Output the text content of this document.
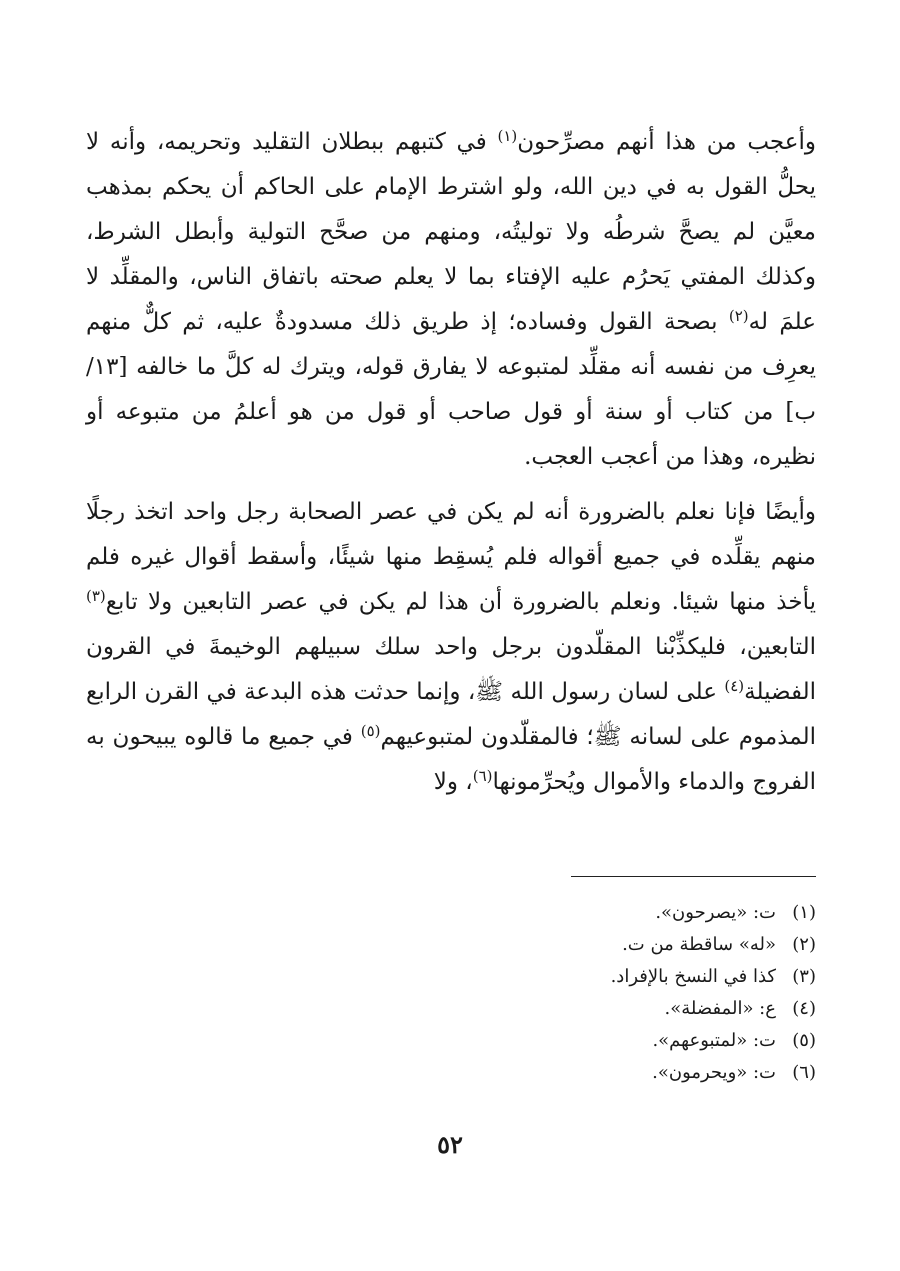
وأعجب من هذا أنهم مصرِّحون$^{(١)}$ في كتبهم ببطلان التقليد وتحريمه، وأنه لا يحلُّ القول به في دين الله، ولو اشترط الإمام على الحاكم أن يحكم بمذهب معيَّن لم يصحَّ شرطُه ولا توليتُه، ومنهم من صحَّح التولية وأبطل الشرط، وكذلك المفتي يَحرُم عليه الإفتاء بما لا يعلم صحته باتفاق الناس، والمقلِّد لا علمَ له$^{(٢)}$ بصحة القول وفساده؛ إذ طريق ذلك مسدودةٌ عليه، ثم كلٌّ منهم يعرِف من نفسه أنه مقلِّد لمتبوعه لا يفارق قوله، ويترك له كلَّ ما خالفه [١٣/ب] من كتاب أو سنة أو قول صاحب أو قول من هو أعلمُ من متبوعه أو نظيره، وهذا من أعجب العجب.

وأيضًا فإنا نعلم بالضرورة أنه لم يكن في عصر الصحابة رجل واحد اتخذ رجلًا منهم يقلِّده في جميع أقواله فلم يُسقِط منها شيئًا، وأسقط أقوال غيره فلم يأخذ منها شيئا. ونعلم بالضرورة أن هذا لم يكن في عصر التابعين ولا تابع$^{(٣)}$ التابعين، فليكذِّبْنا المقلّدون برجل واحد سلك سبيلهم الوخيمةَ في القرون الفضيلة$^{(٤)}$ على لسان رسول الله ﷺ، وإنما حدثت هذه البدعة في القرن الرابع المذموم على لسانه ﷺ؛ فالمقلّدون لمتبوعيهم$^{(٥)}$ في جميع ما قالوه يبيحون به الفروج والدماء والأموال ويُحرِّمونها$^{(٦)}$، ولا

(١)ت: «يصرحون».
(٢)«له» ساقطة من ت.
(٣)كذا في النسخ بالإفراد.
(٤)ع: «المفضلة».
(٥)ت: «لمتبوعهم».
(٦)ت: «ويحرمون».
٥٢
